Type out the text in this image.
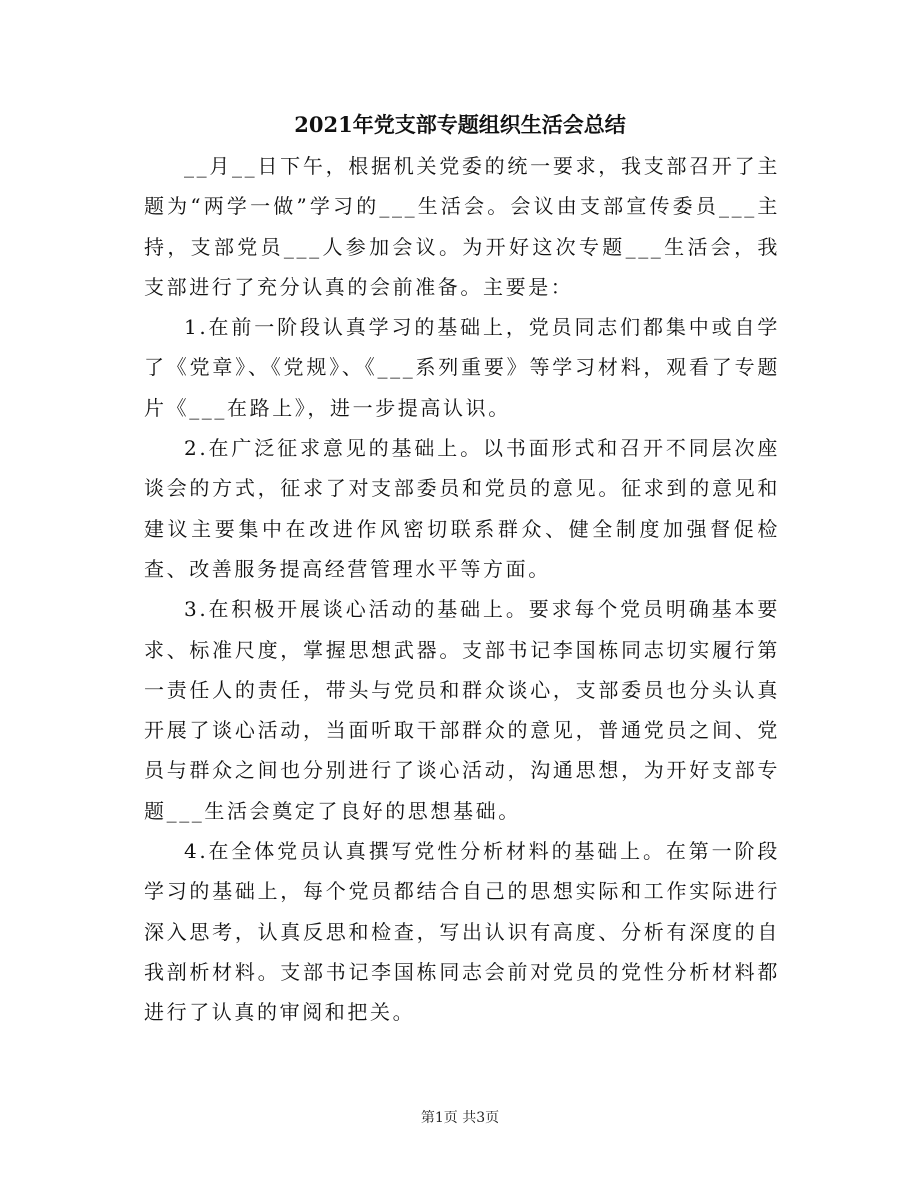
2021年党支部专题组织生活会总结

__月__日下午，根据机关党委的统一要求，我支部召开了主题为“两学一做”学习的___生活会。会议由支部宣传委员___主持，支部党员___人参加会议。为开好这次专题___生活会，我支部进行了充分认真的会前准备。主要是：

1.在前一阶段认真学习的基础上，党员同志们都集中或自学了《党章》、《党规》、《___系列重要》等学习材料，观看了专题片《___在路上》，进一步提高认识。

2.在广泛征求意见的基础上。以书面形式和召开不同层次座谈会的方式，征求了对支部委员和党员的意见。征求到的意见和建议主要集中在改进作风密切联系群众、健全制度加强督促检查、改善服务提高经营管理水平等方面。

3.在积极开展谈心活动的基础上。要求每个党员明确基本要求、标准尺度，掌握思想武器。支部书记李国栋同志切实履行第一责任人的责任，带头与党员和群众谈心，支部委员也分头认真开展了谈心活动，当面听取干部群众的意见，普通党员之间、党员与群众之间也分别进行了谈心活动，沟通思想，为开好支部专题___生活会奠定了良好的思想基础。

4.在全体党员认真撰写党性分析材料的基础上。在第一阶段学习的基础上，每个党员都结合自己的思想实际和工作实际进行深入思考，认真反思和检查，写出认识有高度、分析有深度的自我剖析材料。支部书记李国栋同志会前对党员的党性分析材料都进行了认真的审阅和把关。

第1页 共3页
